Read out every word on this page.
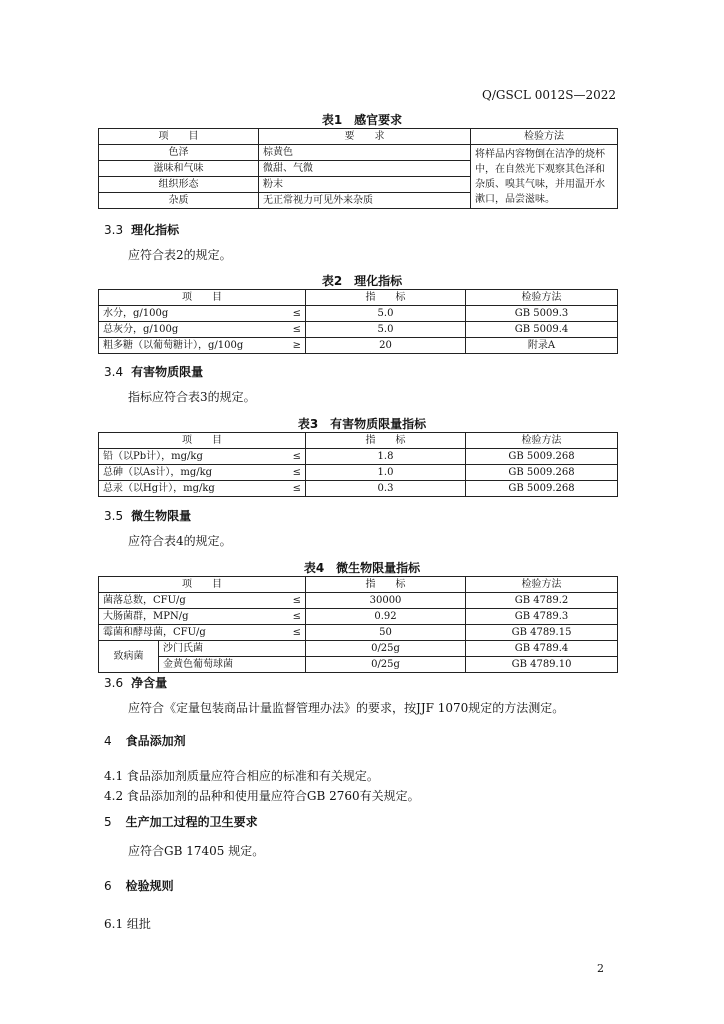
Q/GSCL 0012S—2022
表1　感官要求
项　　目	要　　求	检验方法
色泽	棕黄色	将样品内容物倒在洁净的烧杯中，在自然光下观察其色泽和杂质、嗅其气味，并用温开水漱口，品尝滋味。
滋味和气味	微甜、气微	
组织形态	粉末	
杂质	无正常视力可见外来杂质	
3.3 理化指标
应符合表2的规定。
表2　理化指标
项　　目		指　　标	检验方法
水分，g/100g	≤	5.0	GB 5009.3
总灰分，g/100g	≤	5.0	GB 5009.4
粗多糖（以葡萄糖计），g/100g	≥	20	附录A
3.4 有害物质限量
指标应符合表3的规定。
表3　有害物质限量指标
项　　目		指　　标	检验方法
铅（以Pb计），mg/kg	≤	1.8	GB 5009.268
总砷（以As计），mg/kg	≤	1.0	GB 5009.268
总汞（以Hg计），mg/kg	≤	0.3	GB 5009.268
3.5 微生物限量
应符合表4的规定。
表4　微生物限量指标
项　　目			指　　标	检验方法
菌落总数，CFU/g		≤	30000	GB 4789.2
大肠菌群，MPN/g		≤	0.92	GB 4789.3
霉菌和酵母菌，CFU/g		≤	50	GB 4789.15
致病菌	沙门氏菌		0/25g	GB 4789.4
	金黄色葡萄球菌		0/25g	GB 4789.10
3.6 净含量
应符合《定量包装商品计量监督管理办法》的要求，按JJF 1070规定的方法测定。
4 食品添加剂
4.1 食品添加剂质量应符合相应的标准和有关规定。
4.2 食品添加剂的品种和使用量应符合GB 2760有关规定。
5 生产加工过程的卫生要求
应符合GB 17405 规定。
6 检验规则
6.1 组批
2
